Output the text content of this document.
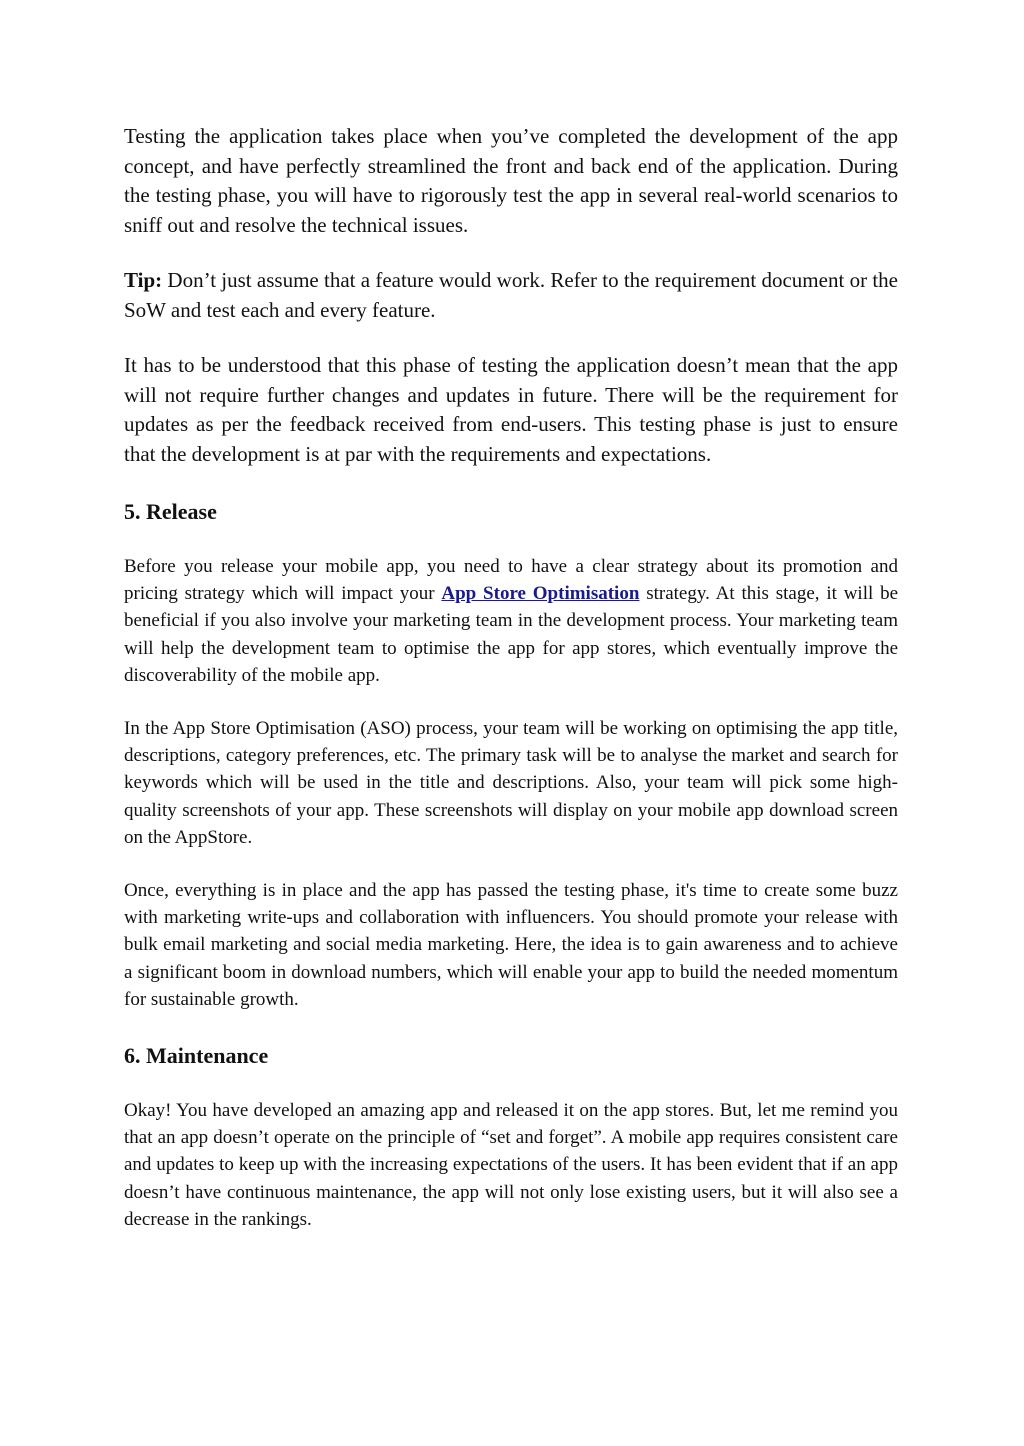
Testing the application takes place when you’ve completed the development of the app concept, and have perfectly streamlined the front and back end of the application. During the testing phase, you will have to rigorously test the app in several real-world scenarios to sniff out and resolve the technical issues.

Tip: Don’t just assume that a feature would work. Refer to the requirement document or the SoW and test each and every feature.

It has to be understood that this phase of testing the application doesn’t mean that the app will not require further changes and updates in future. There will be the requirement for updates as per the feedback received from end-users. This testing phase is just to ensure that the development is at par with the requirements and expectations.

5. Release

Before you release your mobile app, you need to have a clear strategy about its promotion and pricing strategy which will impact your App Store Optimisation strategy. At this stage, it will be beneficial if you also involve your marketing team in the development process. Your marketing team will help the development team to optimise the app for app stores, which eventually improve the discoverability of the mobile app.

In the App Store Optimisation (ASO) process, your team will be working on optimising the app title, descriptions, category preferences, etc. The primary task will be to analyse the market and search for keywords which will be used in the title and descriptions. Also, your team will pick some high-quality screenshots of your app. These screenshots will display on your mobile app download screen on the AppStore.

Once, everything is in place and the app has passed the testing phase, it's time to create some buzz with marketing write-ups and collaboration with influencers. You should promote your release with bulk email marketing and social media marketing. Here, the idea is to gain awareness and to achieve a significant boom in download numbers, which will enable your app to build the needed momentum for sustainable growth.

6. Maintenance

Okay! You have developed an amazing app and released it on the app stores. But, let me remind you that an app doesn’t operate on the principle of “set and forget”. A mobile app requires consistent care and updates to keep up with the increasing expectations of the users. It has been evident that if an app doesn’t have continuous maintenance, the app will not only lose existing users, but it will also see a decrease in the rankings.
